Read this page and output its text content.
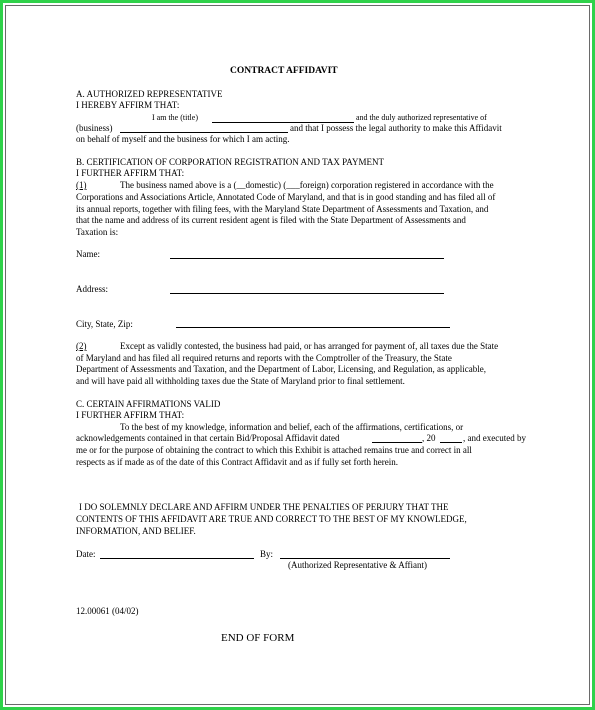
CONTRACT AFFIDAVIT
A. AUTHORIZED REPRESENTATIVE
I HEREBY AFFIRM THAT:
I am the (title)	and the duly authorized representative of
(business)	and that I possess the legal authority to make this Affidavit
on behalf of myself and the business for which I am acting.
B. CERTIFICATION OF CORPORATION REGISTRATION AND TAX PAYMENT
I FURTHER AFFIRM THAT:
(1)	The business named above is a (__domestic) (___foreign) corporation registered in accordance with the
Corporations and Associations Article, Annotated Code of Maryland, and that is in good standing and has filed all of
its annual reports, together with filing fees, with the Maryland State Department of Assessments and Taxation, and
that the name and address of its current resident agent is filed with the State Department of Assessments and
Taxation is:
Name:
Address:
City, State, Zip:
(2)	Except as validly contested, the business had paid, or has arranged for payment of, all taxes due the State
of Maryland and has filed all required returns and reports with the Comptroller of the Treasury, the State
Department of Assessments and Taxation, and the Department of Labor, Licensing, and Regulation, as applicable,
and will have paid all withholding taxes due the State of Maryland prior to final settlement.
C. CERTAIN AFFIRMATIONS VALID
I FURTHER AFFIRM THAT:
To the best of my knowledge, information and belief, each of the affirmations, certifications, or
acknowledgements contained in that certain Bid/Proposal Affidavit dated	, 20	, and executed by
me or for the purpose of obtaining the contract to which this Exhibit is attached remains true and correct in all
respects as if made as of the date of this Contract Affidavit and as if fully set forth herein.
I DO SOLEMNLY DECLARE AND AFFIRM UNDER THE PENALTIES OF PERJURY THAT THE
CONTENTS OF THIS AFFIDAVIT ARE TRUE AND CORRECT TO THE BEST OF MY KNOWLEDGE,
INFORMATION, AND BELIEF.
Date:	By:
(Authorized Representative & Affiant)
12.00061 (04/02)
END OF FORM
